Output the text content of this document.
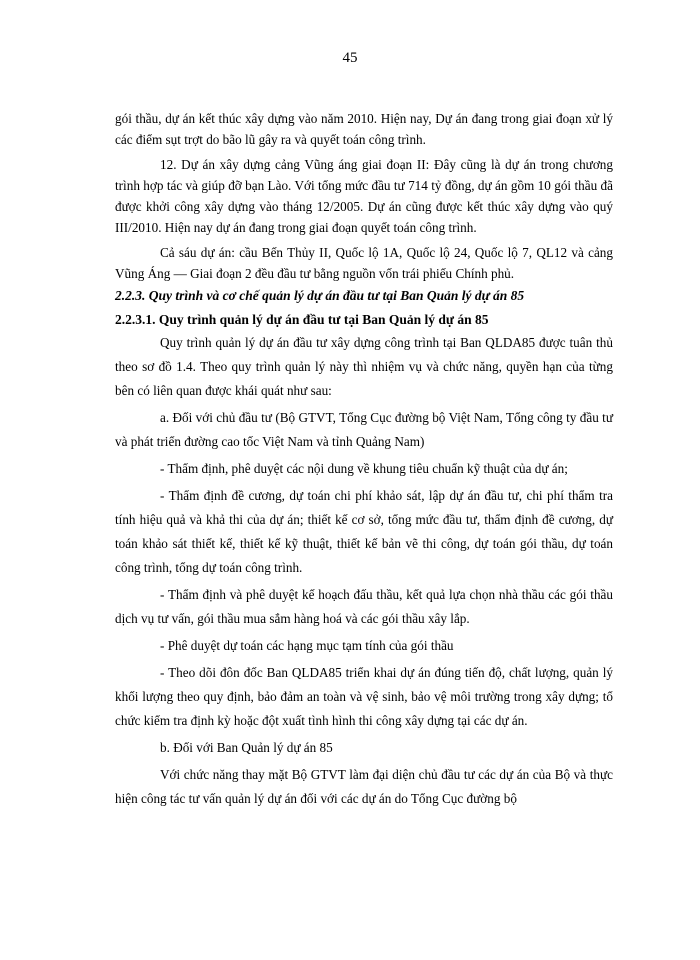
45

gói thầu, dự án kết thúc xây dựng vào năm 2010. Hiện nay, Dự án đang trong giai đoạn xử lý các điểm sụt trợt do bão lũ gây ra và quyết toán công trình.

12. Dự án xây dựng cảng Vũng áng giai đoạn II: Đây cũng là dự án trong chương trình hợp tác và giúp đỡ bạn Lào. Với tổng mức đầu tư 714 tỷ đồng, dự án gồm 10 gói thầu đã được khởi công xây dựng vào tháng 12/2005. Dự án cũng được kết thúc xây dựng vào quý III/2010. Hiện nay dự án đang trong giai đoạn quyết toán công trình.

Cả sáu dự án: cầu Bến Thủy II, Quốc lộ 1A, Quốc lộ 24, Quốc lộ 7, QL12 và cảng Vũng Áng — Giai đoạn 2 đều đầu tư bằng nguồn vốn trái phiếu Chính phủ.

2.2.3. Quy trình và cơ chế quản lý dự án đầu tư tại Ban Quản lý dự án 85

2.2.3.1. Quy trình quản lý dự án đầu tư tại Ban Quản lý dự án 85

Quy trình quản lý dự án đầu tư xây dựng công trình tại Ban QLDA85 được tuân thủ theo sơ đồ 1.4. Theo quy trình quản lý này thì nhiệm vụ và chức năng, quyền hạn của từng bên có liên quan được khái quát như sau:

a. Đối với chủ đầu tư (Bộ GTVT, Tổng Cục đường bộ Việt Nam, Tổng công ty đầu tư và phát triển đường cao tốc Việt Nam và tỉnh Quảng Nam)

- Thẩm định, phê duyệt các nội dung về khung tiêu chuẩn kỹ thuật của dự án;

- Thẩm định đề cương, dự toán chi phí khảo sát, lập dự án đầu tư, chi phí thẩm tra tính hiệu quả và khả thi của dự án; thiết kế cơ sở, tổng mức đầu tư, thẩm định đề cương, dự toán khảo sát thiết kế, thiết kế kỹ thuật, thiết kế bản vẽ thi công, dự toán gói thầu, dự toán công trình, tổng dự toán công trình.

- Thẩm định và phê duyệt kế hoạch đấu thầu, kết quả lựa chọn nhà thầu các gói thầu dịch vụ tư vấn, gói thầu mua sắm hàng hoá và các gói thầu xây lắp.

- Phê duyệt dự toán các hạng mục tạm tính của gói thầu

- Theo dõi đôn đốc Ban QLDA85 triển khai dự án đúng tiến độ, chất lượng, quản lý khối lượng theo quy định, bảo đảm an toàn và vệ sinh, bảo vệ môi trường trong xây dựng; tổ chức kiểm tra định kỳ hoặc đột xuất tình hình thi công xây dựng tại các dự án.

b. Đối với Ban Quản lý dự án 85

Với chức năng thay mặt Bộ GTVT làm đại diện chủ đầu tư các dự án của Bộ và thực hiện công tác tư vấn quản lý dự án đối với các dự án do Tổng Cục đường bộ
